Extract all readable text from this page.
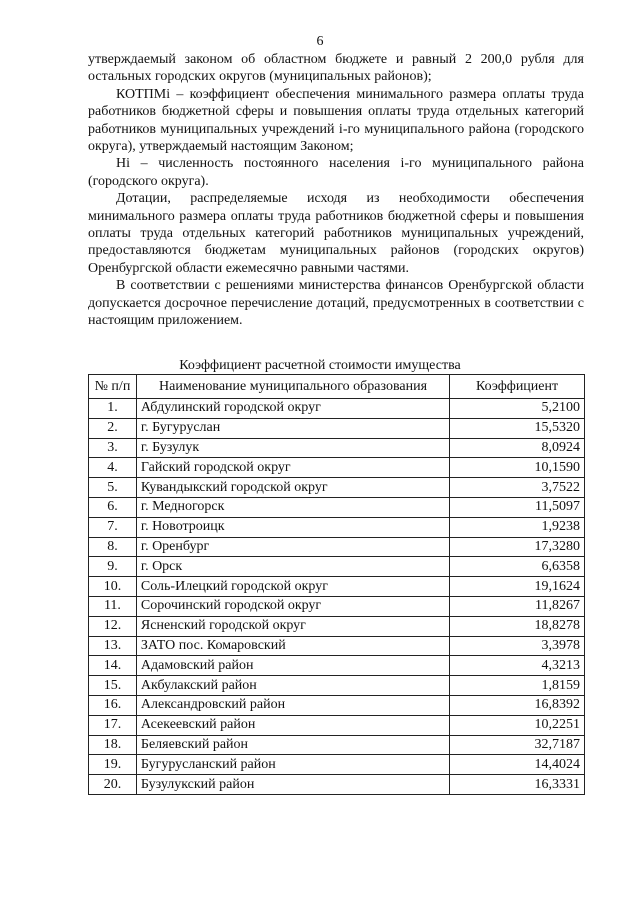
6

утверждаемый законом об областном бюджете и равный 2 200,0 рубля для остальных городских округов (муниципальных районов);

КОТПМi – коэффициент обеспечения минимального размера оплаты труда работников бюджетной сферы и повышения оплаты труда отдельных категорий работников муниципальных учреждений i-го муниципального района (городского округа), утверждаемый настоящим Законом;

Нi – численность постоянного населения i-го муниципального района (городского округа).

Дотации, распределяемые исходя из необходимости обеспечения минимального размера оплаты труда работников бюджетной сферы и повышения оплаты труда отдельных категорий работников муниципальных учреждений, предоставляются бюджетам муниципальных районов (городских округов) Оренбургской области ежемесячно равными частями.

В соответствии с решениями министерства финансов Оренбургской области допускается досрочное перечисление дотаций, предусмотренных в соответствии с настоящим приложением.

Коэффициент расчетной стоимости имущества
№ п/п	Наименование муниципального образования	Коэффициент
1.	Абдулинский городской округ	5,2100
2.	г. Бугуруслан	15,5320
3.	г. Бузулук	8,0924
4.	Гайский городской округ	10,1590
5.	Кувандыкский городской округ	3,7522
6.	г. Медногорск	11,5097
7.	г. Новотроицк	1,9238
8.	г. Оренбург	17,3280
9.	г. Орск	6,6358
10.	Соль-Илецкий городской округ	19,1624
11.	Сорочинский городской округ	11,8267
12.	Ясненский городской округ	18,8278
13.	ЗАТО пос. Комаровский	3,3978
14.	Адамовский район	4,3213
15.	Акбулакский район	1,8159
16.	Александровский район	16,8392
17.	Асекеевский район	10,2251
18.	Беляевский район	32,7187
19.	Бугурусланский район	14,4024
20.	Бузулукский район	16,3331
